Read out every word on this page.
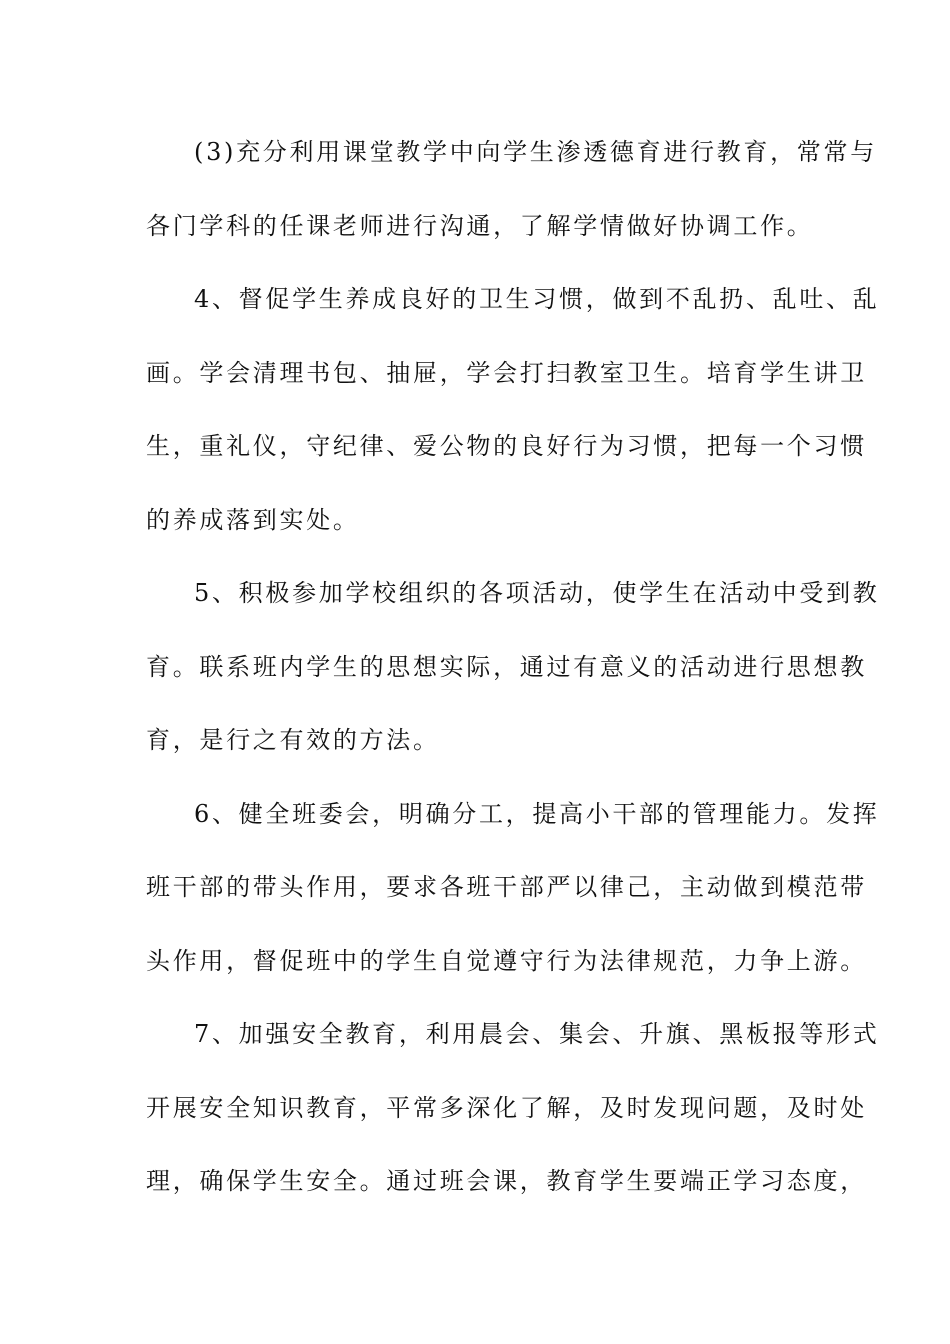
(3)充分利用课堂教学中向学生渗透德育进行教育，常常与
各门学科的任课老师进行沟通，了解学情做好协调工作。
4、督促学生养成良好的卫生习惯，做到不乱扔、乱吐、乱
画。学会清理书包、抽屉，学会打扫教室卫生。培育学生讲卫
生，重礼仪，守纪律、爱公物的良好行为习惯，把每一个习惯
的养成落到实处。
5、积极参加学校组织的各项活动，使学生在活动中受到教
育。联系班内学生的思想实际，通过有意义的活动进行思想教
育，是行之有效的方法。
6、健全班委会，明确分工，提高小干部的管理能力。发挥
班干部的带头作用，要求各班干部严以律己，主动做到模范带
头作用，督促班中的学生自觉遵守行为法律规范，力争上游。
7、加强安全教育，利用晨会、集会、升旗、黑板报等形式
开展安全知识教育，平常多深化了解，及时发现问题，及时处
理，确保学生安全。通过班会课，教育学生要端正学习态度，
